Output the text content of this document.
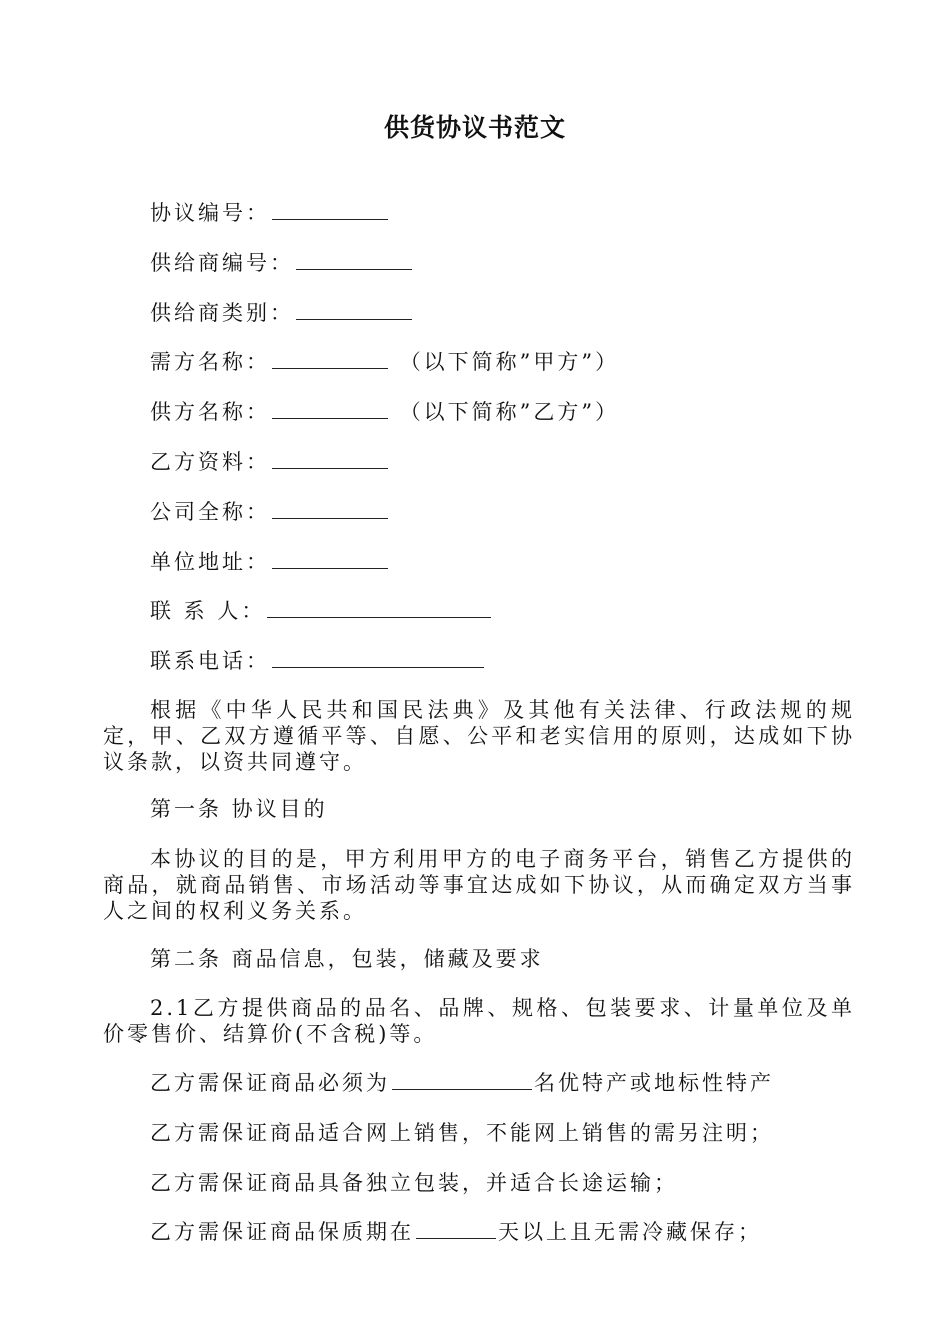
供货协议书范文
协议编号：
供给商编号：
供给商类别：
需方名称：	（以下简称”甲方”）
供方名称：	（以下简称”乙方”）
乙方资料：
公司全称：
单位地址：
联 系 人：
联系电话：
根据《中华人民共和国民法典》及其他有关法律、行政法规的规定，甲、乙双方遵循平等、自愿、公平和老实信用的原则，达成如下协议条款，以资共同遵守。
第一条 协议目的
本协议的目的是，甲方利用甲方的电子商务平台，销售乙方提供的商品，就商品销售、市场活动等事宜达成如下协议，从而确定双方当事人之间的权利义务关系。
第二条 商品信息，包装，储藏及要求
2.1乙方提供商品的品名、品牌、规格、包装要求、计量单位及单价零售价、结算价(不含税)等。
乙方需保证商品必须为	名优特产或地标性特产
乙方需保证商品适合网上销售，不能网上销售的需另注明；
乙方需保证商品具备独立包装，并适合长途运输；
乙方需保证商品保质期在	天以上且无需冷藏保存；
